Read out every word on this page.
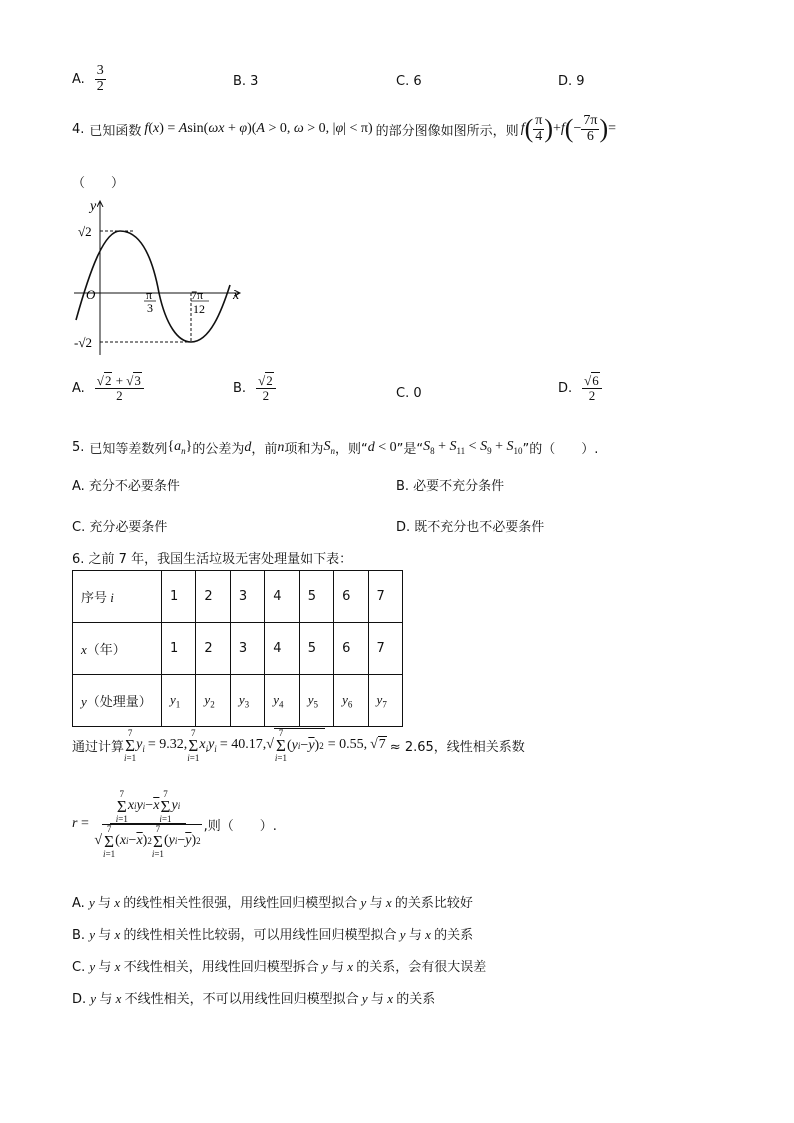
A. $\frac{3}{2}$	B. 3	C. 6	D. 9
4. 已知函数 f(x) = Asin(ωx + φ)(A > 0, ω > 0, |φ| < π) 的部分图像如图所示，则 f ( $\frac{\pi}{4}$ ) + f ( − $\frac{7\pi}{6}$ ) =
（　　）
y
x
O
√2
-√2
π
3
7π
12
A. $\frac{√2 + √3}{2}$	B. $\frac{√2}{2}$	C. 0	D. $\frac{√6}{2}$
5. 已知等差数列 $\{a_n\}$ 的公差为 d ，前 n 项和为 $S_n$ ，则“ d < 0 ”是“ $S_8 + S_{11} < S_9 + S_{10}$ ”的（　　）.
A. 充分不必要条件	B. 必要不充分条件
C. 充分必要条件	D. 既不充分也不必要条件
6. 之前 7 年，我国生活垃圾无害处理量如下表：
序号 i	1	2	3	4	5	6	7
x（年）	1	2	3	4	5	6	7
y（处理量）	$y_1$	$y_2$	$y_3$	$y_4$	$y_5$	$y_6$	$y_7$
通过计算
7
Σ
i=1
$y_i = 9.32$,
7
Σ
i=1
$x_iy_i = 40.17$, √
7
Σ
i=1
( y $i - \overline{y}$ ) 2 = 0.55, √7 ≈ 2.65，线性相关系数
r = 7
Σ
i=1
x i y $i - \overline{x}$
7
Σ
i=1
y i
√
7
Σ
i=1
( x $i - \overline{x}$ ) 2
7
Σ
i=1
( y $i - \overline{y}$ ) 2 ,则（　　）.
A. y 与 x 的线性相关性很强，用线性回归模型拟合 y 与 x 的关系比较好
B. y 与 x 的线性相关性比较弱，可以用线性回归模型拟合 y 与 x 的关系
C. y 与 x 不线性相关，用线性回归模型拆合 y 与 x 的关系，会有很大误差
D. y 与 x 不线性相关，不可以用线性回归模型拟合 y 与 x 的关系
